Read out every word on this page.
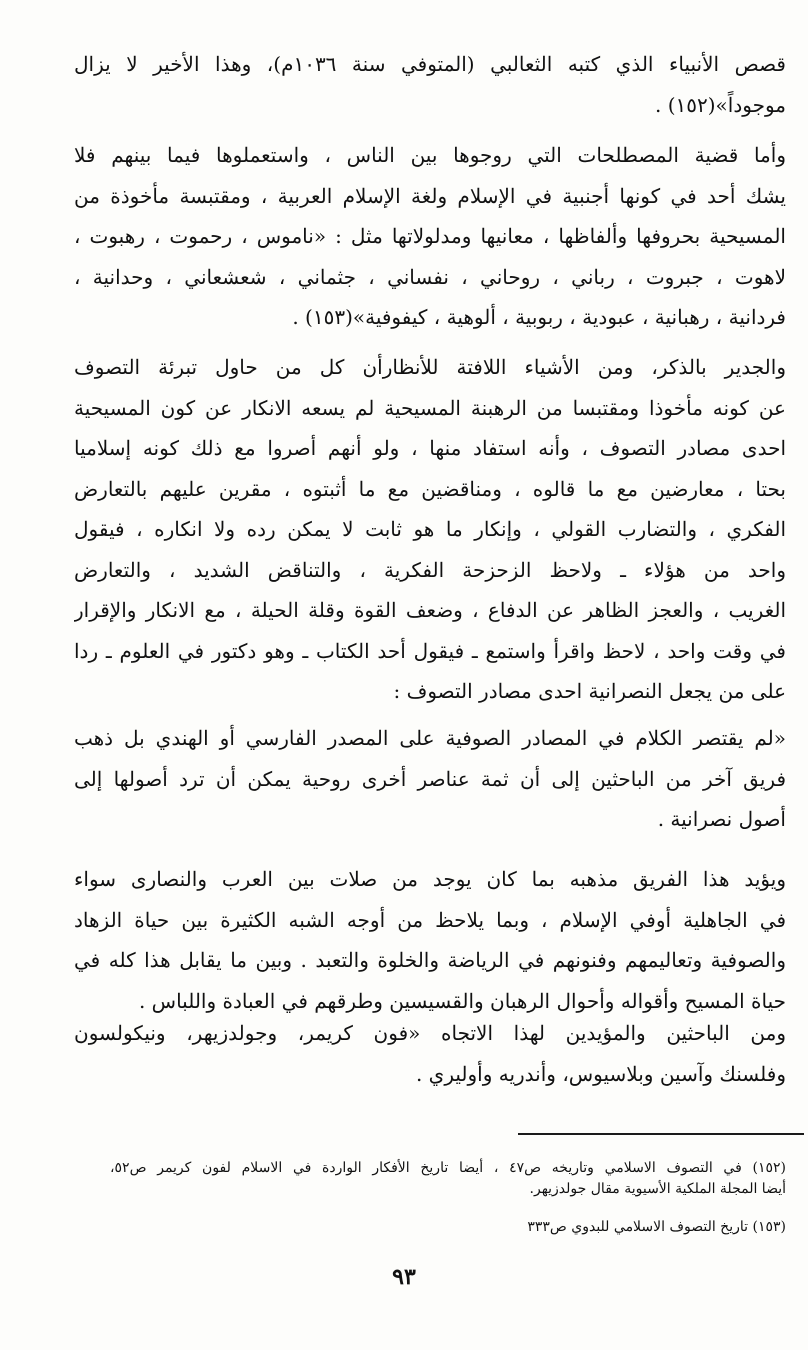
قصص الأنبياء الذي كتبه الثعالبي (المتوفي سنة ١٠٣٦م)، وهذا الأخير لا يزال
موجوداً»(١٥٢) .
وأما قضية المصطلحات التي روجوها بين الناس ، واستعملوها فيما بينهم فلا
يشك أحد في كونها أجنبية في الإسلام ولغة الإسلام العربية ، ومقتبسة مأخوذة من
المسيحية بحروفها وألفاظها ، معانيها ومدلولاتها مثل : «ناموس ، رحموت ، رهبوت ،
لاهوت ، جبروت ، رباني ، روحاني ، نفساني ، جثماني ، شعشعاني ، وحدانية ،
فردانية ، رهبانية ، عبودية ، ربوبية ، ألوهية ، كيفوفية»(١٥٣) .
والجدير بالذكر، ومن الأشياء اللافتة للأنظارأن كل من حاول تبرئة التصوف
عن كونه مأخوذا ومقتبسا من الرهبنة المسيحية لم يسعه الانكار عن كون المسيحية
احدى مصادر التصوف ، وأنه استفاد منها ، ولو أنهم أصروا مع ذلك كونه إسلاميا
بحتا ، معارضين مع ما قالوه ، ومناقضين مع ما أثبتوه ، مقرين عليهم بالتعارض
الفكري ، والتضارب القولي ، وإنكار ما هو ثابت لا يمكن رده ولا انكاره ، فيقول
واحد من هؤلاء ـ ولاحظ الزحزحة الفكرية ، والتناقض الشديد ، والتعارض
الغريب ، والعجز الظاهر عن الدفاع ، وضعف القوة وقلة الحيلة ، مع الانكار والإقرار
في وقت واحد ، لاحظ واقرأ واستمع ـ فيقول أحد الكتاب ـ وهو دكتور في العلوم ـ ردا
على من يجعل النصرانية احدى مصادر التصوف :
«لم يقتصر الكلام في المصادر الصوفية على المصدر الفارسي أو الهندي بل ذهب
فريق آخر من الباحثين إلى أن ثمة عناصر أخرى روحية يمكن أن ترد أصولها إلى
أصول نصرانية .
ويؤيد هذا الفريق مذهبه بما كان يوجد من صلات بين العرب والنصارى سواء
في الجاهلية أوفي الإسلام ، وبما يلاحظ من أوجه الشبه الكثيرة بين حياة الزهاد
والصوفية وتعاليمهم وفنونهم في الرياضة والخلوة والتعبد . وبين ما يقابل هذا كله في
حياة المسيح وأقواله وأحوال الرهبان والقسيسين وطرقهم في العبادة واللباس .
ومن الباحثين والمؤيدين لهذا الاتجاه «فون كريمر، وجولدزيهر، ونيكولسون
وفلسنك وآسين وبلاسيوس، وأندريه وأوليري .
(١٥٢) في التصوف الاسلامي وتاريخه ص٤٧ ، أيضا تاريخ الأفكار الواردة في الاسلام لفون كريمر ص٥٢،
أيضا المجلة الملكية الأسيوية مقال جولدزيهر.
(١٥٣) تاريخ التصوف الاسلامي للبدوي ص٣٣٣
٩٣
